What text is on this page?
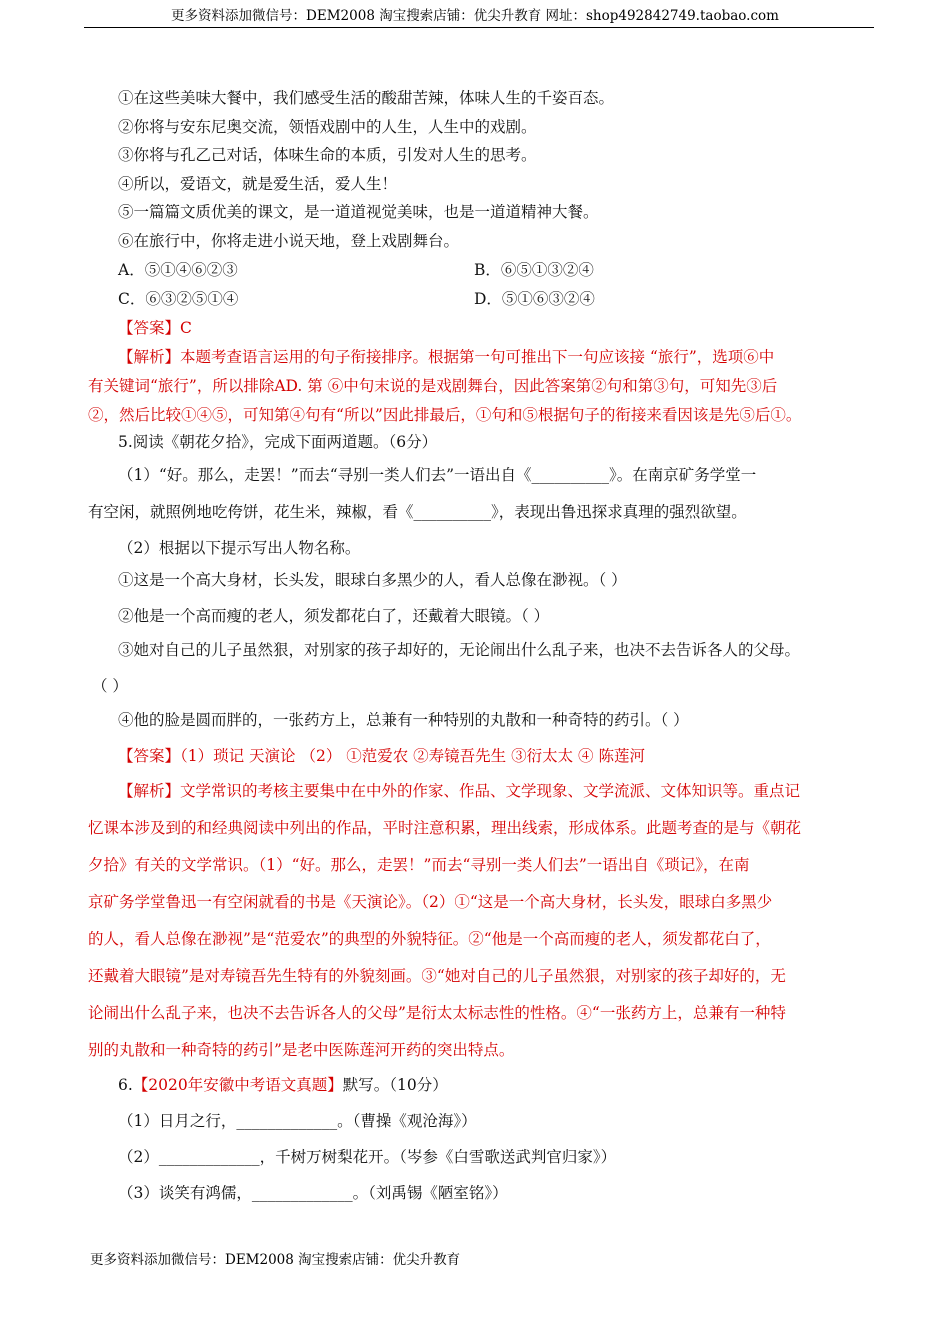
更多资料添加微信号：DEM2008 淘宝搜索店铺：优尖升教育 网址：shop492842749.taobao.com
①在这些美味大餐中，我们感受生活的酸甜苦辣，体味人生的千姿百态。
②你将与安东尼奥交流，领悟戏剧中的人生，人生中的戏剧。
③你将与孔乙己对话，体味生命的本质，引发对人生的思考。
④所以，爱语文，就是爱生活，爱人生！
⑤一篇篇文质优美的课文，是一道道视觉美味，也是一道道精神大餐。
⑥在旅行中，你将走进小说天地，登上戏剧舞台。
A．⑤①④⑥②③	B．⑥⑤①③②④
C．⑥③②⑤①④	D．⑤①⑥③②④
【答案】C
【解析】本题考查语言运用的句子衔接排序。根据第一句可推出下一句应该接 “旅行”，选项⑥中
有关键词“旅行”，所以排除AD. 第 ⑥中句末说的是戏剧舞台，因此答案第②句和第③句，可知先③后
②，然后比较①④⑤，可知第④句有“所以”因此排最后，①句和⑤根据句子的衔接来看因该是先⑤后①。
5.阅读《朝花夕拾》，完成下面两道题。（6分）
（1）“好。那么，走罢！”而去“寻别一类人们去”一语出自《__________》。在南京矿务学堂一
有空闲，就照例地吃侉饼，花生米，辣椒，看《__________》，表现出鲁迅探求真理的强烈欲望。
（2）根据以下提示写出人物名称。
①这是一个高大身材，长头发，眼球白多黑少的人，看人总像在渺视。（ ）
②他是一个高而瘦的老人，须发都花白了，还戴着大眼镜。（ ）
③她对自己的儿子虽然狠，对别家的孩子却好的，无论闹出什么乱子来，也决不去告诉各人的父母。
（ ）
④他的脸是圆而胖的，一张药方上，总兼有一种特别的丸散和一种奇特的药引。（ ）
【答案】（1）琐记 天演论 （2） ①范爱农 ②寿镜吾先生 ③衍太太 ④ 陈莲河
【解析】文学常识的考核主要集中在中外的作家、作品、文学现象、文学流派、文体知识等。重点记
忆课本涉及到的和经典阅读中列出的作品，平时注意积累，理出线索，形成体系。此题考查的是与《朝花
夕拾》有关的文学常识。（1）“好。那么，走罢！”而去“寻别一类人们去”一语出自《琐记》，在南
京矿务学堂鲁迅一有空闲就看的书是《天演论》。（2）①“这是一个高大身材，长头发，眼球白多黑少
的人，看人总像在渺视”是“范爱农”的典型的外貌特征。②“他是一个高而瘦的老人，须发都花白了，
还戴着大眼镜”是对寿镜吾先生特有的外貌刻画。③“她对自己的儿子虽然狠，对别家的孩子却好的，无
论闹出什么乱子来，也决不去告诉各人的父母”是衍太太标志性的性格。④“一张药方上，总兼有一种特
别的丸散和一种奇特的药引”是老中医陈莲河开药的突出特点。
6.【2020年安徽中考语文真题】默写。（10分）
（1）日月之行，_____________。（曹操《观沧海》）
（2）_____________，千树万树梨花开。（岑参《白雪歌送武判官归家》）
（3）谈笑有鸿儒，_____________。（刘禹锡《陋室铭》）
更多资料添加微信号：DEM2008 淘宝搜索店铺：优尖升教育
